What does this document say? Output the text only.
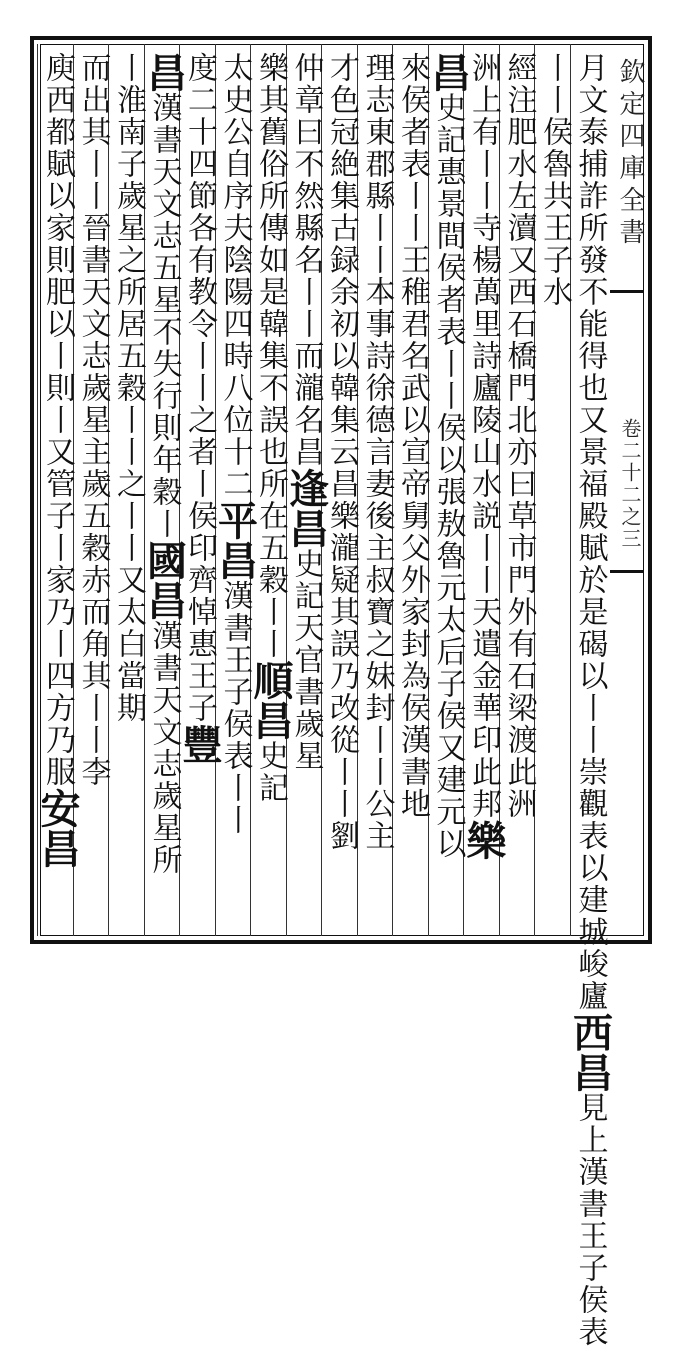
欽定四庫全書
卷二十二之三
月文泰捕詐所發不能得也又景福殿賦於是碣以丨丨崇觀表以建城峻廬西昌見上漢書王子侯表
丨丨侯魯共王子水
經注肥水左瀆又西石橋門北亦曰草市門外有石梁渡此洲
洲上有丨丨寺楊萬里詩廬陵山水説丨丨天遣金華印此邦樂
昌史記惠景間侯者表丨丨侯以張敖魯元太后子侯又建元以
來侯者表丨丨王稚君名武以宣帝舅父外家封為侯漢書地
理志東郡縣丨丨本事詩徐德言妻後主叔寶之妹封丨丨公主
才色冠絶集古録余初以韓集云昌樂瀧疑其誤乃改從丨丨劉
仲章曰不然縣名丨丨而瀧名昌逢昌史記天官書歲星
樂其舊俗所傳如是韓集不誤也所在五穀丨丨順昌史記
太史公自序夫陰陽四時八位十二平昌漢書王子侯表丨丨
度二十四節各有教令丨丨之者丨侯印齊悼惠王子豐
昌漢書天文志五星不失行則年穀丨國昌漢書天文志歲星所
丨淮南子歲星之所居五穀丨丨之丨丨又太白當期
而出其丨丨晉書天文志歲星主歲五穀赤而角其丨丨李
庾西都賦以家則肥以丨則丨又管子丨家乃丨四方乃服安昌
